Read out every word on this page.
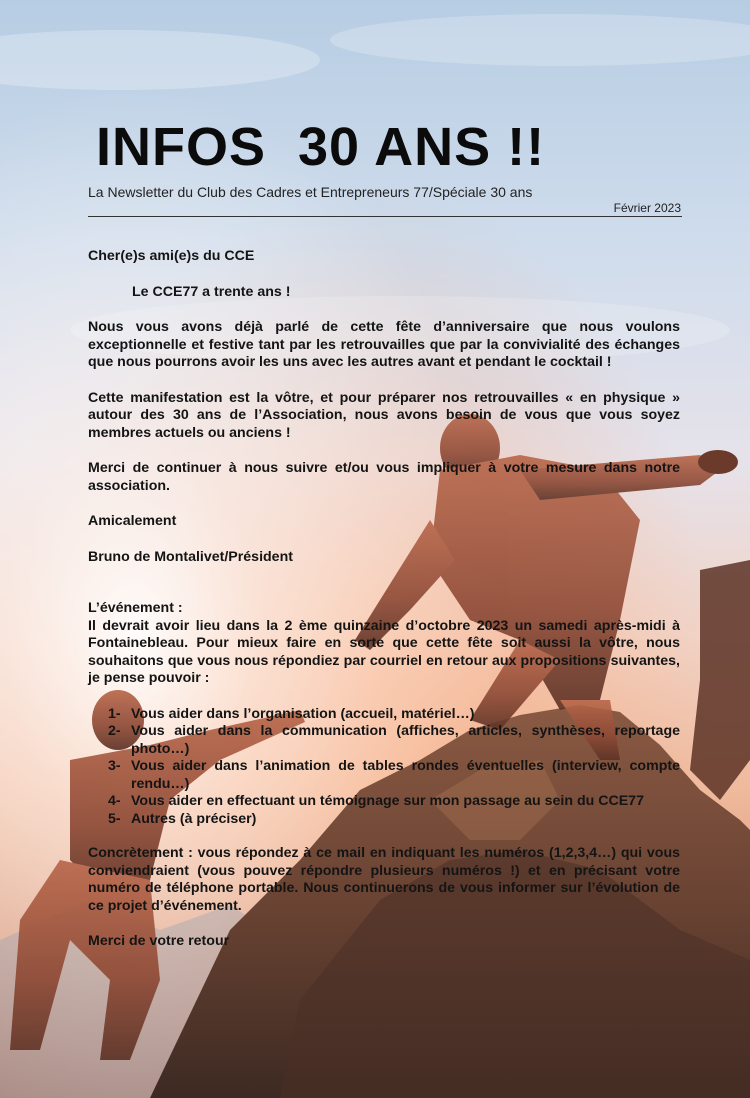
INFOS  30 ANS !!
La Newsletter du Club des Cadres et Entrepreneurs 77/Spéciale 30 ans
Février 2023

Cher(e)s ami(e)s du CCE

Le CCE77 a trente ans !

Nous vous avons déjà parlé de cette fête d’anniversaire que nous voulons exceptionnelle et festive tant par les retrouvailles que par la convivialité des échanges que nous pourrons avoir les uns avec les autres avant et pendant le cocktail !

Cette manifestation est la vôtre, et pour préparer nos retrouvailles « en physique » autour des 30 ans de l’Association, nous avons besoin de vous que vous soyez membres actuels ou anciens !

Merci de continuer à nous suivre et/ou vous impliquer à votre mesure dans notre association.

Amicalement

Bruno de Montalivet/Président

L’événement :
Il devrait avoir lieu dans la 2 ème quinzaine d’octobre 2023 un samedi après-midi à Fontainebleau. Pour mieux faire en sorte que cette fête soit aussi la vôtre, nous souhaitons que vous nous répondiez par courriel en retour aux propositions suivantes, je pense pouvoir :

1- Vous aider dans l’organisation (accueil, matériel…)
2- Vous aider dans la communication (affiches, articles, synthèses, reportage photo…)
3- Vous aider dans l’animation de tables rondes éventuelles (interview, compte rendu…)
4- Vous aider en effectuant un témoignage sur mon passage au sein du CCE77
5- Autres (à préciser)

Concrètement : vous répondez à ce mail en indiquant les numéros (1,2,3,4…) qui vous conviendraient (vous pouvez répondre plusieurs numéros !) et en précisant votre numéro de téléphone portable. Nous continuerons de vous informer sur l’évolution de ce projet d’événement.

Merci de votre retour
